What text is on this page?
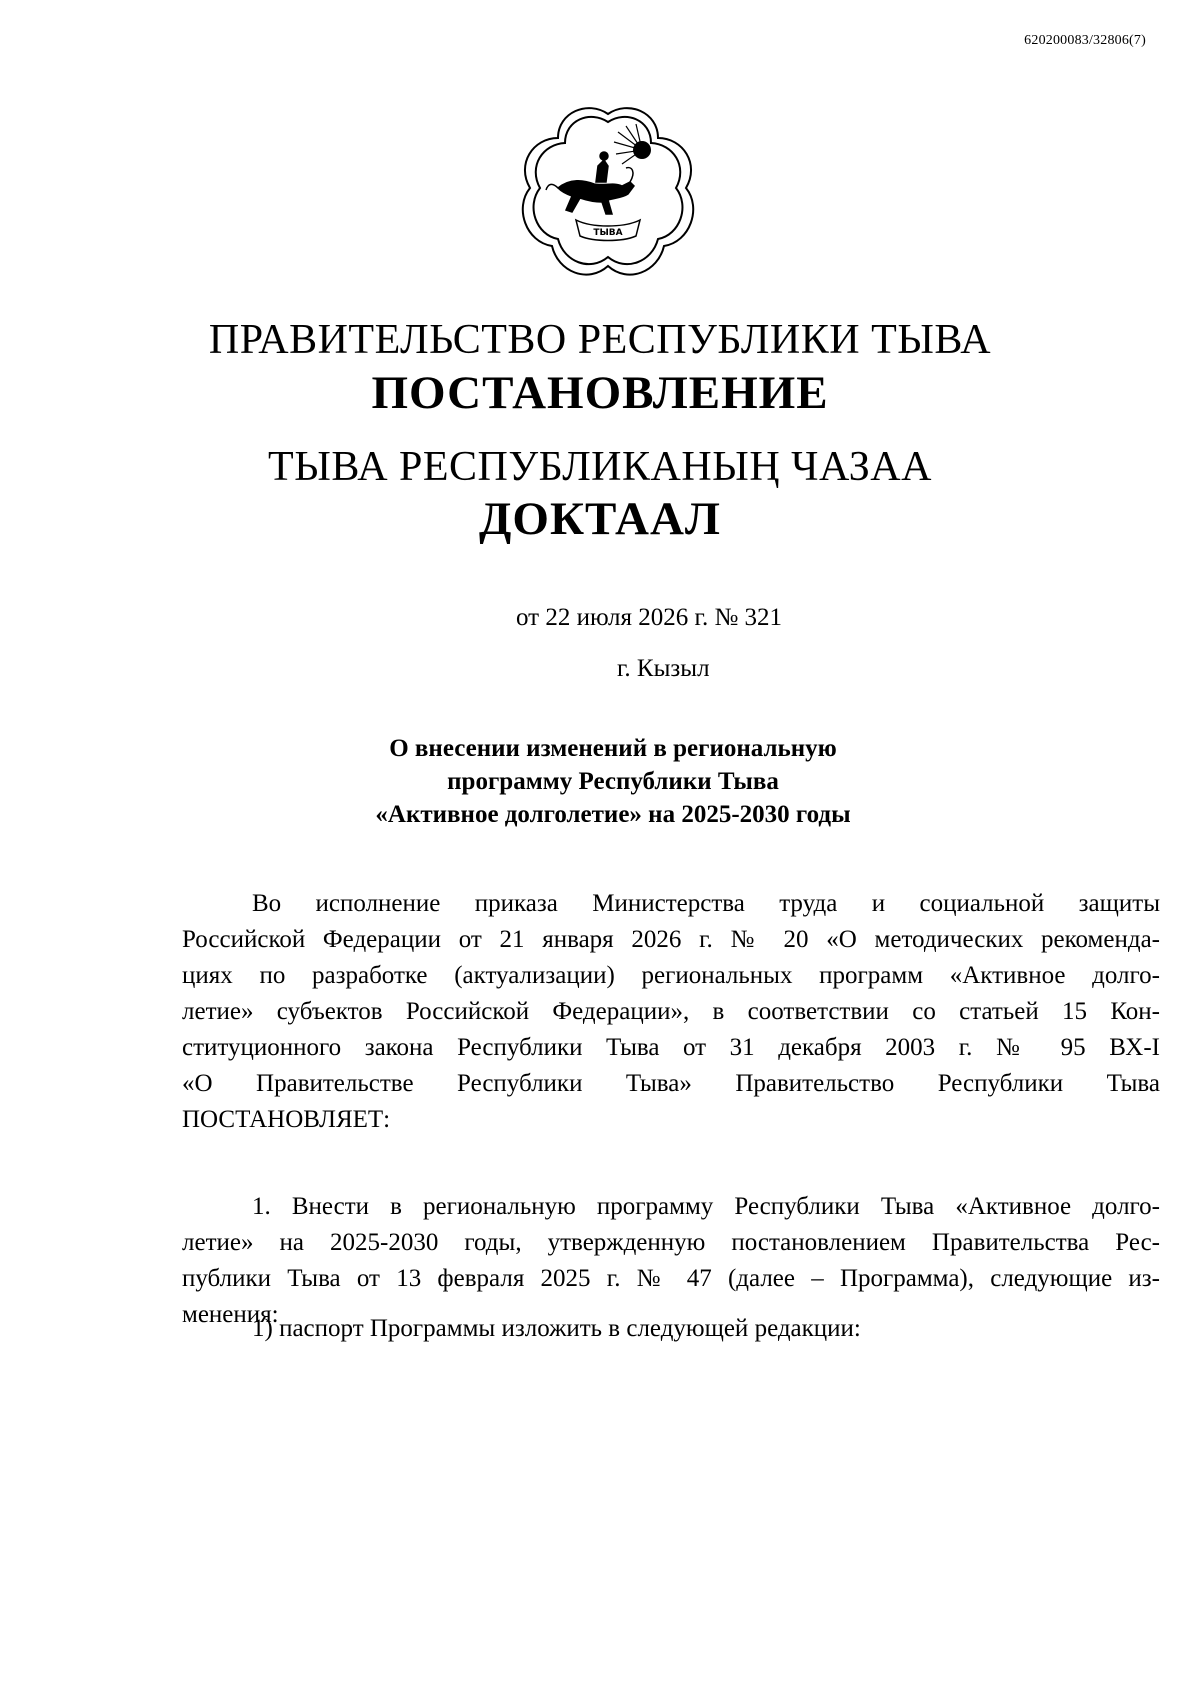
620200083/32806(7)
ТЫВА
ПРАВИТЕЛЬСТВО РЕСПУБЛИКИ ТЫВА
ПОСТАНОВЛЕНИЕ
ТЫВА РЕСПУБЛИКАНЫҢ ЧАЗАА
ДОКТААЛ
от 22 июля 2026 г. № 321
г. Кызыл
О внесении изменений в региональную
программу Республики Тыва
«Активное долголетие» на 2025-2030 годы
Во исполнение приказа Министерства труда и социальной защиты
Российской Федерации от 21 января 2026 г. № 20 «О методических рекоменда-
циях по разработке (актуализации) региональных программ «Активное долго-
летие» субъектов Российской Федерации», в соответствии со статьей 15 Кон-
ституционного закона Республики Тыва от 31 декабря 2003 г. № 95 ВХ-I
«О Правительстве Республики Тыва» Правительство Республики Тыва
ПОСТАНОВЛЯЕТ:
1. Внести в региональную программу Республики Тыва «Активное долго-
летие» на 2025-2030 годы, утвержденную постановлением Правительства Рес-
публики Тыва от 13 февраля 2025 г. № 47 (далее – Программа), следующие из-
менения:
1) паспорт Программы изложить в следующей редакции:
